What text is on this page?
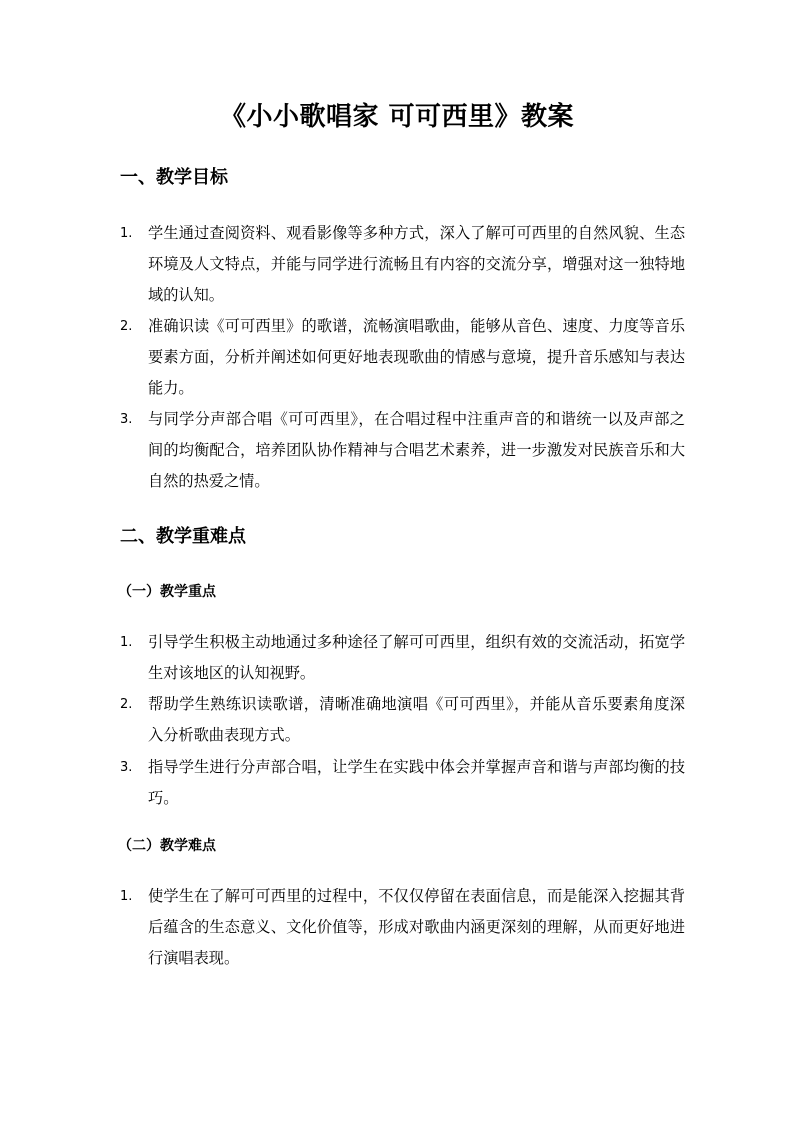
《小小歌唱家 可可西里》教案
一、教学目标
1.	学生通过查阅资料、观看影像等多种方式，深入了解可可西里的自然风貌、生态环境及人文特点，并能与同学进行流畅且有内容的交流分享，增强对这一独特地域的认知。
2.	准确识读《可可西里》的歌谱，流畅演唱歌曲，能够从音色、速度、力度等音乐要素方面，分析并阐述如何更好地表现歌曲的情感与意境，提升音乐感知与表达能力。
3.	与同学分声部合唱《可可西里》，在合唱过程中注重声音的和谐统一以及声部之间的均衡配合，培养团队协作精神与合唱艺术素养，进一步激发对民族音乐和大自然的热爱之情。
二、教学重难点
（一）教学重点
1.	引导学生积极主动地通过多种途径了解可可西里，组织有效的交流活动，拓宽学生对该地区的认知视野。
2.	帮助学生熟练识读歌谱，清晰准确地演唱《可可西里》，并能从音乐要素角度深入分析歌曲表现方式。
3.	指导学生进行分声部合唱，让学生在实践中体会并掌握声音和谐与声部均衡的技巧。
（二）教学难点
1.	使学生在了解可可西里的过程中，不仅仅停留在表面信息，而是能深入挖掘其背后蕴含的生态意义、文化价值等，形成对歌曲内涵更深刻的理解，从而更好地进行演唱表现。
